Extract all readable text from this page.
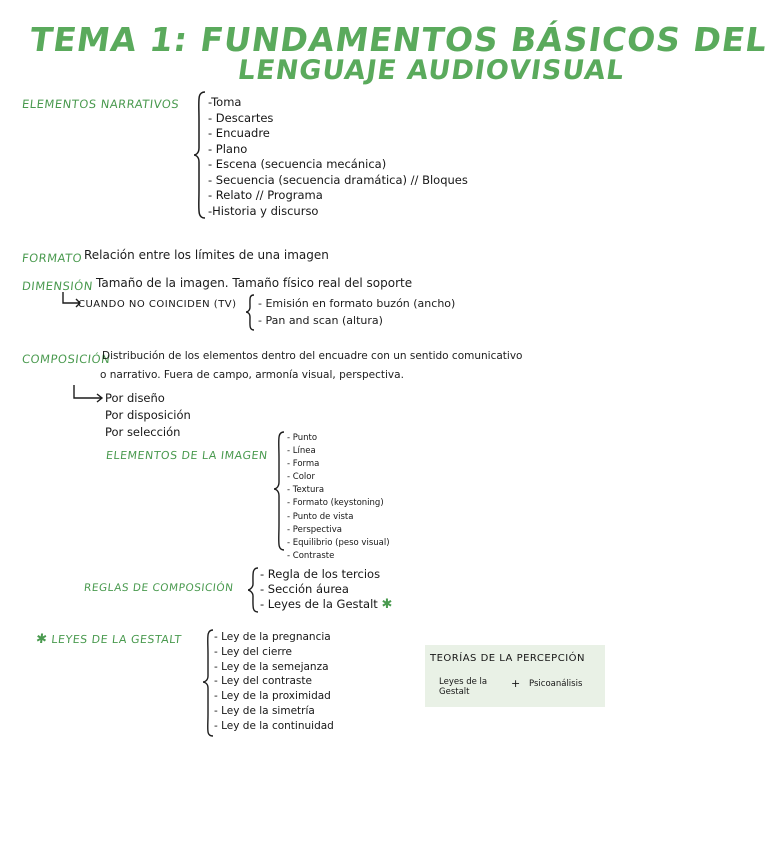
TEMA 1: FUNDAMENTOS BÁSICOS DEL
LENGUAJE AUDIOVISUAL
ELEMENTOS NARRATIVOS -Toma
- Descartes
- Encuadre
- Plano
- Escena (secuencia mecánica)
- Secuencia (secuencia dramática) // Bloques
- Relato // Programa
-Historia y discurso
FORMATO Relación entre los límites de una imagen
DIMENSIÓN Tamaño de la imagen. Tamaño físico real del soporte
CUANDO NO COINCIDEN (TV) - Emisión en formato buzón (ancho)
- Pan and scan (altura)
COMPOSICIÓN
Distribución de los elementos dentro del encuadre con un sentido comunicativo
o narrativo. Fuera de campo, armonía visual, perspectiva.
Por diseño
Por disposición
Por selección
ELEMENTOS DE LA IMAGEN
- Punto
- Línea
- Forma
- Color
- Textura
- Formato (keystoning)
- Punto de vista
- Perspectiva
- Equilibrio (peso visual)
- Contraste
REGLAS DE COMPOSICIÓN
- Regla de los tercios
- Sección áurea
- Leyes de la Gestalt ✱
✱ LEYES DE LA GESTALT	- Ley de la pregnancia
- Ley del cierre
- Ley de la semejanza
- Ley del contraste
- Ley de la proximidad
- Ley de la simetría
- Ley de la continuidad
TEORÍAS DE LA PERCEPCIÓN
Leyes de la
Gestalt
+ Psicoanálisis
